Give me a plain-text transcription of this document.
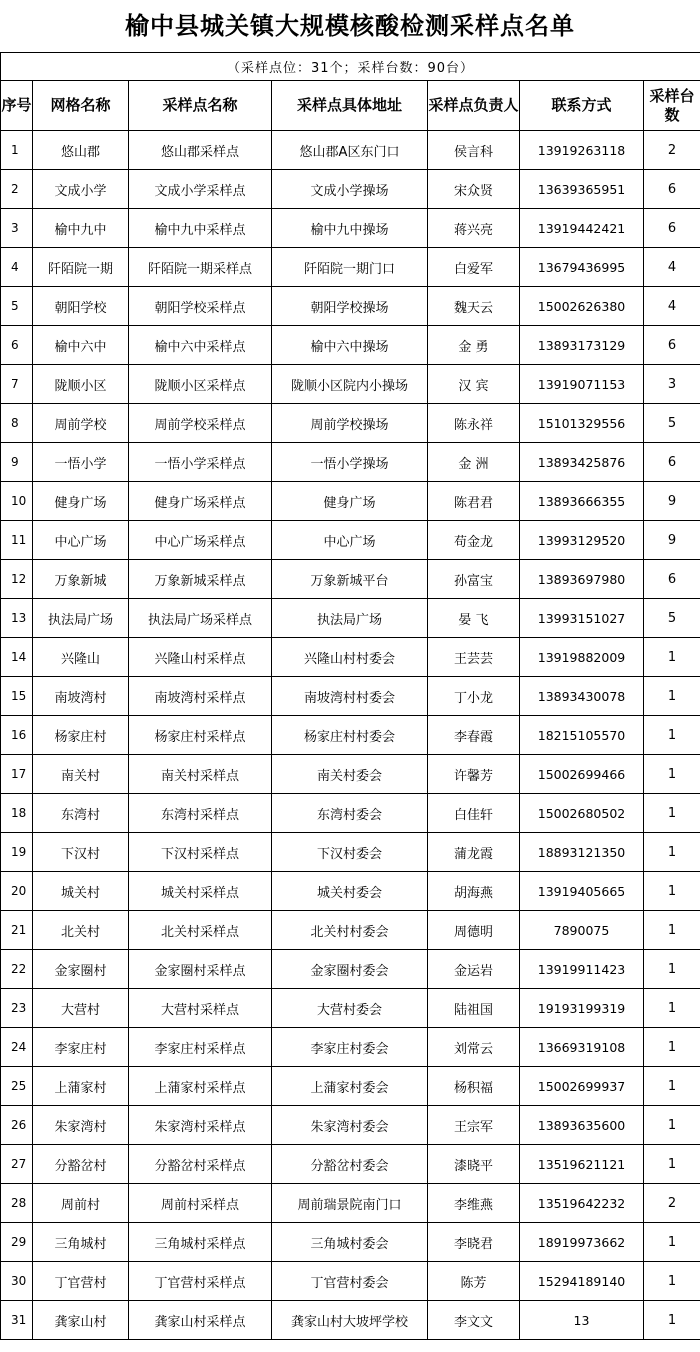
榆中县城关镇大规模核酸检测采样点名单
（采样点位：31个；采样台数：90台）						
序号	网格名称	采样点名称	采样点具体地址	采样点负责人	联系方式	采样台数
1	悠山郡	悠山郡采样点	悠山郡A区东门口	侯言科	13919263118	2
2	文成小学	文成小学采样点	文成小学操场	宋众贤	13639365951	6
3	榆中九中	榆中九中采样点	榆中九中操场	蒋兴亮	13919442421	6
4	阡陌院一期	阡陌院一期采样点	阡陌院一期门口	白爱军	13679436995	4
5	朝阳学校	朝阳学校采样点	朝阳学校操场	魏天云	15002626380	4
6	榆中六中	榆中六中采样点	榆中六中操场	金 勇	13893173129	6
7	陇顺小区	陇顺小区采样点	陇顺小区院内小操场	汉 宾	13919071153	3
8	周前学校	周前学校采样点	周前学校操场	陈永祥	15101329556	5
9	一悟小学	一悟小学采样点	一悟小学操场	金 洲	13893425876	6
10	健身广场	健身广场采样点	健身广场	陈君君	13893666355	9
11	中心广场	中心广场采样点	中心广场	苟金龙	13993129520	9
12	万象新城	万象新城采样点	万象新城平台	孙富宝	13893697980	6
13	执法局广场	执法局广场采样点	执法局广场	晏 飞	13993151027	5
14	兴隆山	兴隆山村采样点	兴隆山村村委会	王芸芸	13919882009	1
15	南坡湾村	南坡湾村采样点	南坡湾村村委会	丁小龙	13893430078	1
16	杨家庄村	杨家庄村采样点	杨家庄村村委会	李春霞	18215105570	1
17	南关村	南关村采样点	南关村委会	许馨芳	15002699466	1
18	东湾村	东湾村采样点	东湾村委会	白佳轩	15002680502	1
19	下汉村	下汉村采样点	下汉村委会	蒲龙霞	18893121350	1
20	城关村	城关村采样点	城关村委会	胡海燕	13919405665	1
21	北关村	北关村采样点	北关村村委会	周德明	7890075	1
22	金家圈村	金家圈村采样点	金家圈村委会	金运岩	13919911423	1
23	大营村	大营村采样点	大营村委会	陆祖国	19193199319	1
24	李家庄村	李家庄村采样点	李家庄村委会	刘常云	13669319108	1
25	上蒲家村	上蒲家村采样点	上蒲家村委会	杨积福	15002699937	1
26	朱家湾村	朱家湾村采样点	朱家湾村委会	王宗军	13893635600	1
27	分豁岔村	分豁岔村采样点	分豁岔村委会	漆晓平	13519621121	1
28	周前村	周前村采样点	周前瑞景院南门口	李维燕	13519642232	2
29	三角城村	三角城村采样点	三角城村委会	李晓君	18919973662	1
30	丁官营村	丁官营村采样点	丁官营村委会	陈芳	15294189140	1
31	龚家山村	龚家山村采样点	龚家山村大坡坪学校	李文文	13	1
